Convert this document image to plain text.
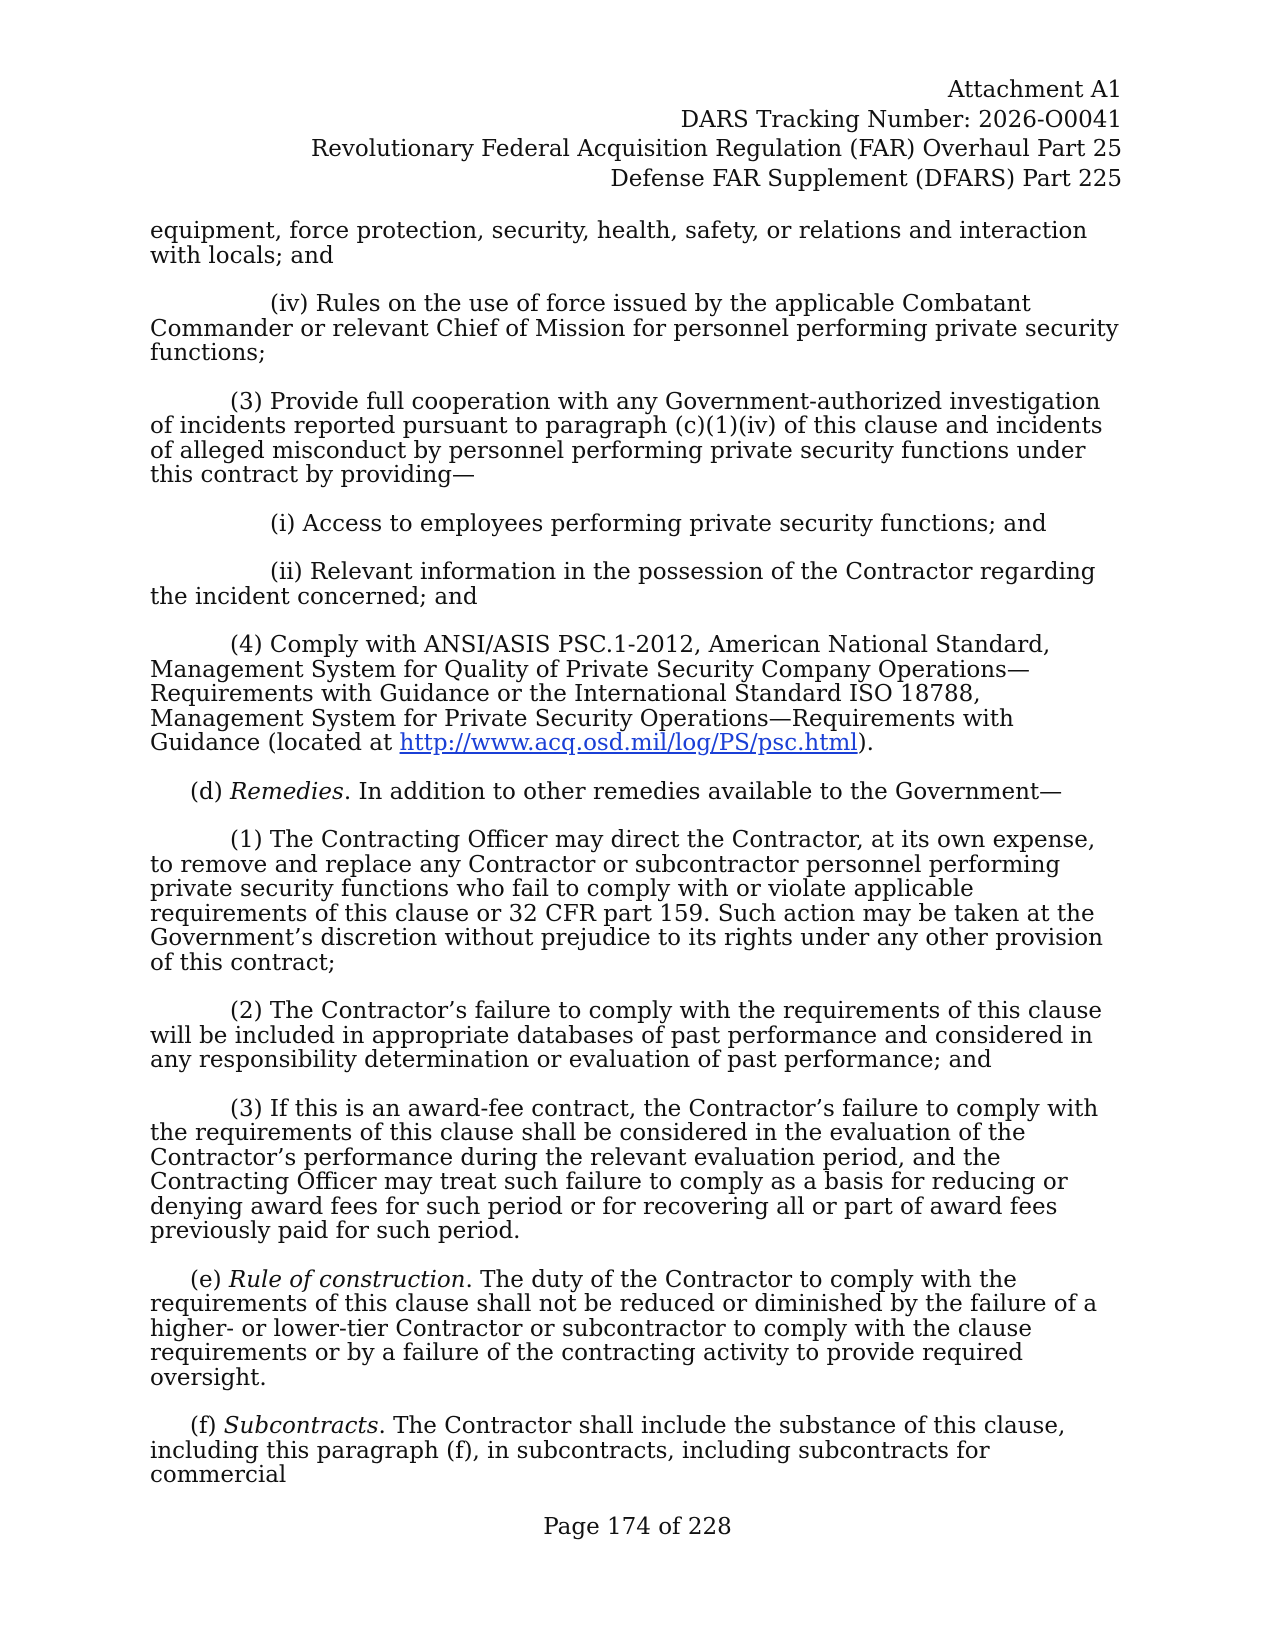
Attachment A1
DARS Tracking Number: 2026-O0041
Revolutionary Federal Acquisition Regulation (FAR) Overhaul Part 25
Defense FAR Supplement (DFARS) Part 225

equipment, force protection, security, health, safety, or relations and interaction with locals; and

(iv) Rules on the use of force issued by the applicable Combatant Commander or relevant Chief of Mission for personnel performing private security functions;

(3) Provide full cooperation with any Government-authorized investigation of incidents reported pursuant to paragraph (c)(1)(iv) of this clause and incidents of alleged misconduct by personnel performing private security functions under this contract by providing—

(i) Access to employees performing private security functions; and

(ii) Relevant information in the possession of the Contractor regarding the incident concerned; and

(4) Comply with ANSI/ASIS PSC.1-2012, American National Standard, Management System for Quality of Private Security Company Operations—Requirements with Guidance or the International Standard ISO 18788, Management System for Private Security Operations—Requirements with Guidance (located at http://www.acq.osd.mil/log/PS/psc.html).

(d) Remedies. In addition to other remedies available to the Government—

(1) The Contracting Officer may direct the Contractor, at its own expense, to remove and replace any Contractor or subcontractor personnel performing private security functions who fail to comply with or violate applicable requirements of this clause or 32 CFR part 159. Such action may be taken at the Government’s discretion without prejudice to its rights under any other provision of this contract;

(2) The Contractor’s failure to comply with the requirements of this clause will be included in appropriate databases of past performance and considered in any responsibility determination or evaluation of past performance; and

(3) If this is an award-fee contract, the Contractor’s failure to comply with the requirements of this clause shall be considered in the evaluation of the Contractor’s performance during the relevant evaluation period, and the Contracting Officer may treat such failure to comply as a basis for reducing or denying award fees for such period or for recovering all or part of award fees previously paid for such period.

(e) Rule of construction. The duty of the Contractor to comply with the requirements of this clause shall not be reduced or diminished by the failure of a higher- or lower-tier Contractor or subcontractor to comply with the clause requirements or by a failure of the contracting activity to provide required oversight.

(f) Subcontracts. The Contractor shall include the substance of this clause, including this paragraph (f), in subcontracts, including subcontracts for commercial

Page 174 of 228
